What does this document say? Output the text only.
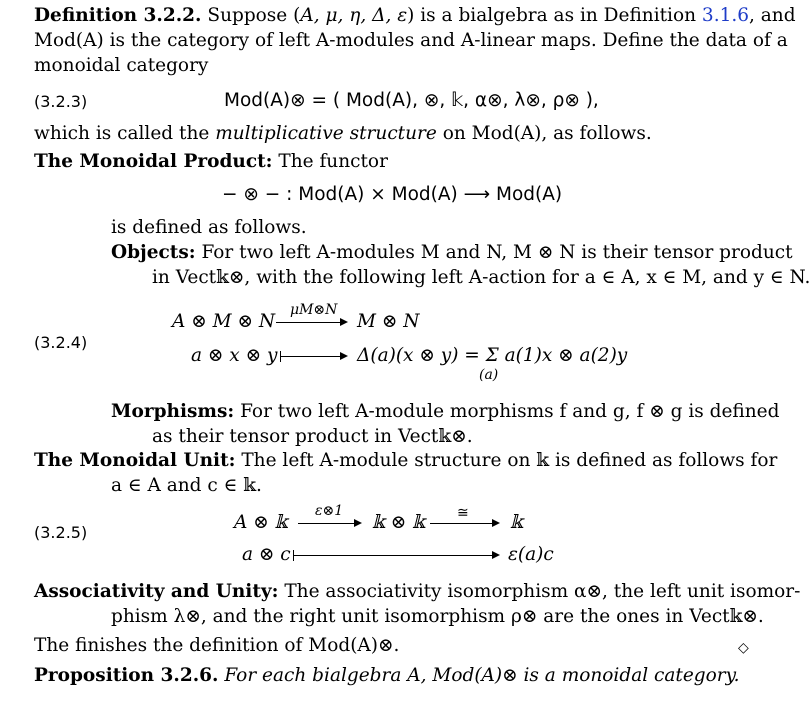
Definition 3.2.2. Suppose (A, μ, η, Δ, ε) is a bialgebra as in Definition 3.1.6, and
Mod(A) is the category of left A-modules and A-linear maps. Define the data of a
monoidal category
(3.2.3)	Mod(A)⊗ = ( Mod(A), ⊗, 𝕜, α⊗, λ⊗, ρ⊗ ),
which is called the multiplicative structure on Mod(A), as follows.
The Monoidal Product: The functor
− ⊗ − : Mod(A) × Mod(A) ⟶ Mod(A)
is defined as follows.
Objects: For two left A-modules M and N, M ⊗ N is their tensor product
in Vect𝕜⊗, with the following left A-action for a ∈ A, x ∈ M, and y ∈ N.
(3.2.4)
A ⊗ M ⊗ N
μM⊗N
M ⊗ N
a ⊗ x ⊗ y	Δ(a)(x ⊗ y) = Σ a(1)x ⊗ a(2)y
(a)
Morphisms: For two left A-module morphisms f and g, f ⊗ g is defined
as their tensor product in Vect𝕜⊗.
The Monoidal Unit: The left A-module structure on 𝕜 is defined as follows for
a ∈ A and c ∈ 𝕜.
(3.2.5)	A ⊗ 𝕜
ε⊗1
𝕜 ⊗ 𝕜 ≅ 𝕜
a ⊗ c	ε(a)c
Associativity and Unity: The associativity isomorphism α⊗, the left unit isomor-
phism λ⊗, and the right unit isomorphism ρ⊗ are the ones in Vect𝕜⊗.
The finishes the definition of Mod(A)⊗.	◇
Proposition 3.2.6. For each bialgebra A, Mod(A)⊗ is a monoidal category.
